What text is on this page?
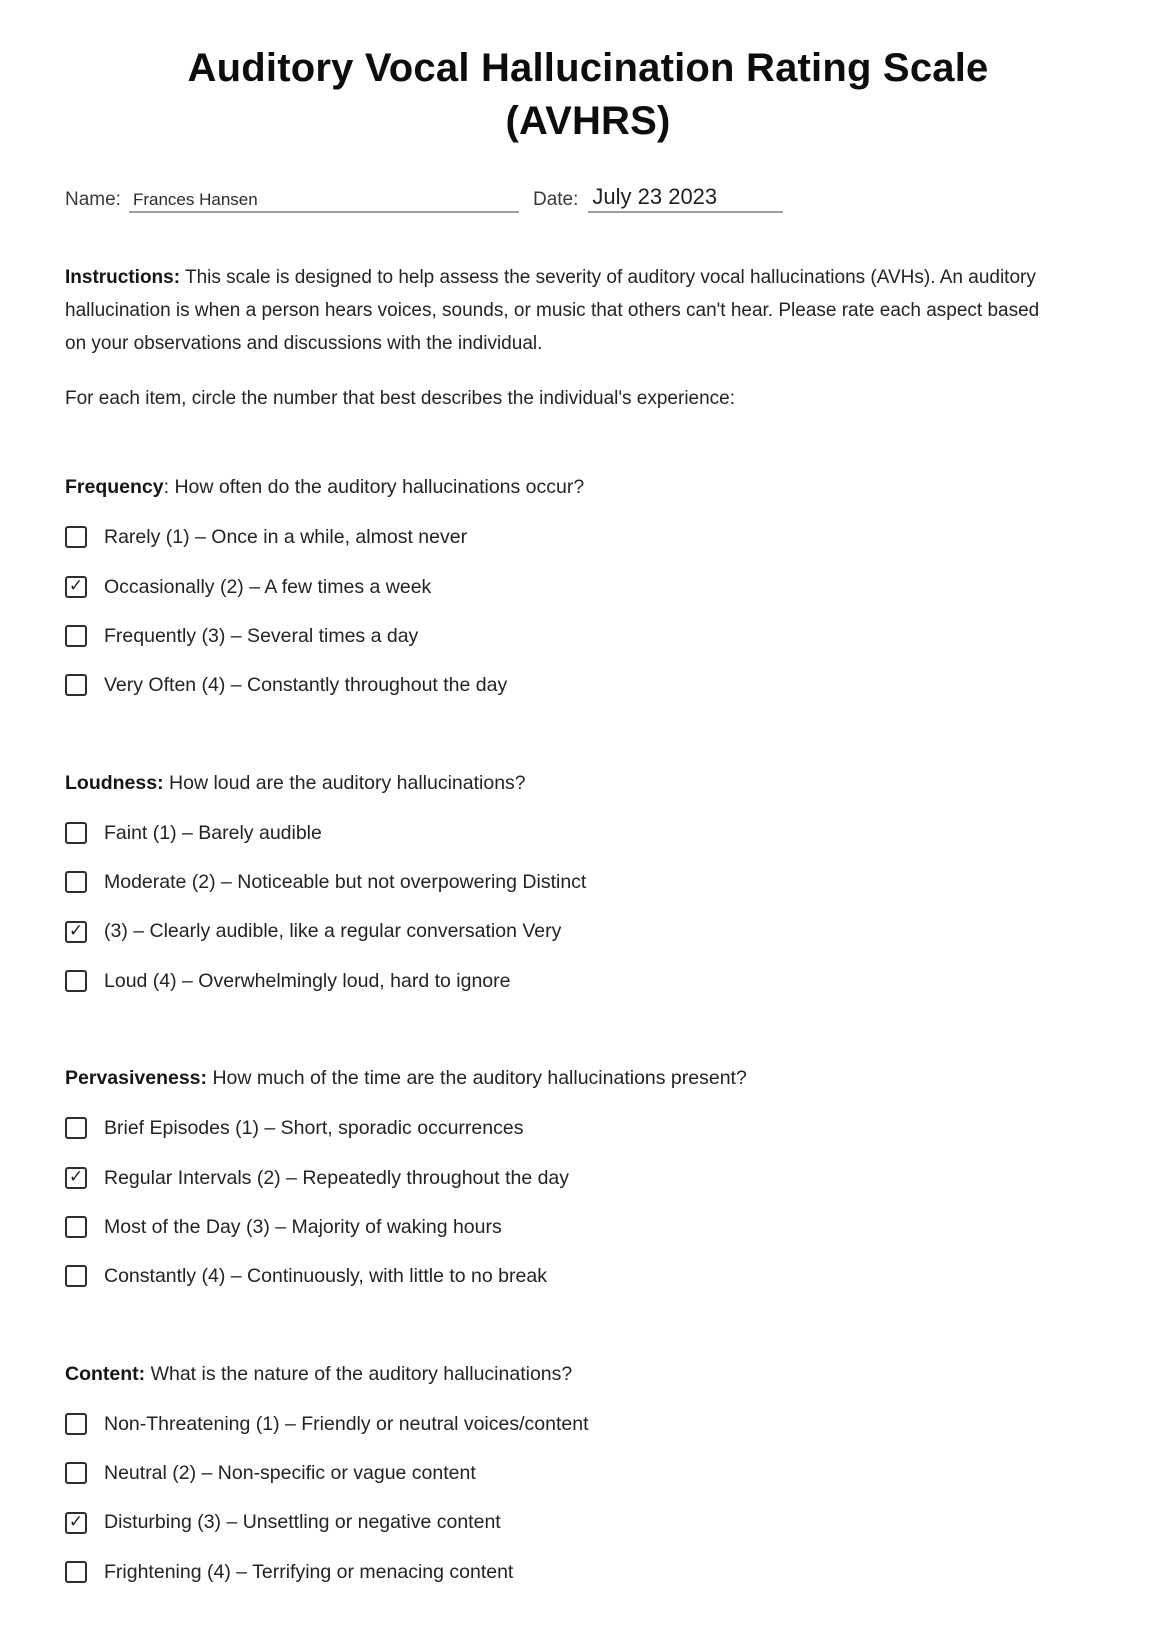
Auditory Vocal Hallucination Rating Scale
(AVHRS)
Name: Frances Hansen	Date: July 23 2023

Instructions: This scale is designed to help assess the severity of auditory vocal hallucinations (AVHs). An auditory hallucination is when a person hears voices, sounds, or music that others can't hear. Please rate each aspect based on your observations and discussions with the individual.

For each item, circle the number that best describes the individual's experience:

Frequency: How often do the auditory hallucinations occur?
Rarely (1) – Once in a while, almost never
✓ Occasionally (2) – A few times a week
Frequently (3) – Several times a day
Very Often (4) – Constantly throughout the day
Loudness: How loud are the auditory hallucinations?
Faint (1) – Barely audible
Moderate (2) – Noticeable but not overpowering Distinct
✓ (3) – Clearly audible, like a regular conversation Very
Loud (4) – Overwhelmingly loud, hard to ignore
Pervasiveness: How much of the time are the auditory hallucinations present?
Brief Episodes (1) – Short, sporadic occurrences
✓ Regular Intervals (2) – Repeatedly throughout the day
Most of the Day (3) – Majority of waking hours
Constantly (4) – Continuously, with little to no break
Content: What is the nature of the auditory hallucinations?
Non-Threatening (1) – Friendly or neutral voices/content
Neutral (2) – Non-specific or vague content
✓ Disturbing (3) – Unsettling or negative content
Frightening (4) – Terrifying or menacing content
